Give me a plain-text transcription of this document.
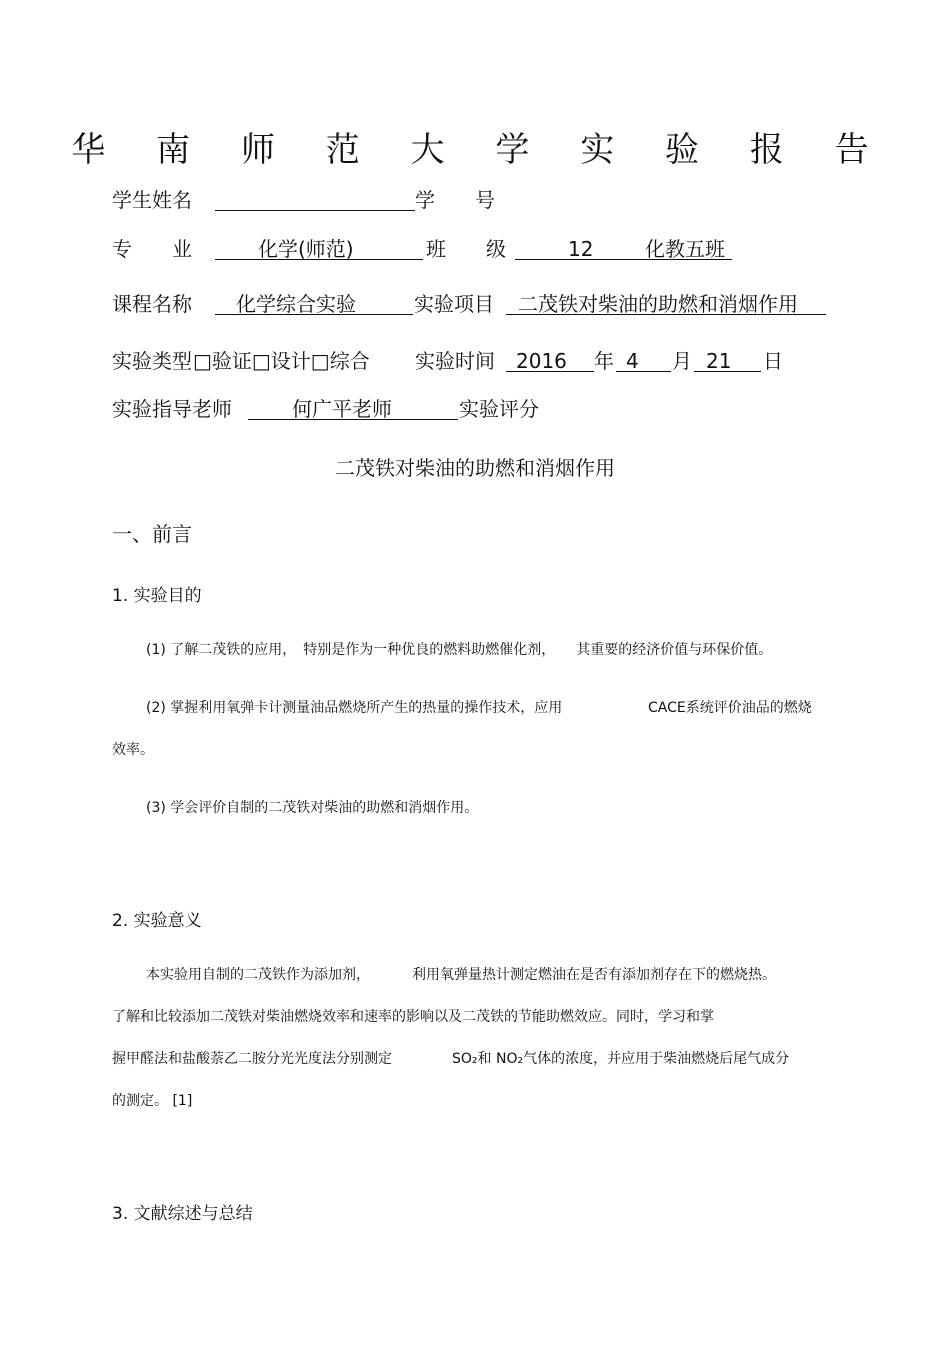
华 南 师 范 大 学 实 验 报 告
学生姓名	学　　号
专　　业	化学(师范)	班　　级	12	化教五班
课程名称 化学综合实验	实验项目 二茂铁对柴油的助燃和消烟作用
实验类型 □验证□设计□综合 实验时间 2016 年 4 月 21 日
实验指导老师	何广平老师	实验评分
二茂铁对柴油的助燃和消烟作用
一、前言
1. 实验目的
(1) 了解二茂铁的应用，　特别是作为一种优良的燃料助燃催化剂，　　其重要的经济价值与环保价值。
(2) 掌握利用氧弹卡计测量油品燃烧所产生的热量的操作技术，应用	CACE系统评价油品的燃烧
效率。
(3) 学会评价自制的二茂铁对柴油的助燃和消烟作用。
2. 实验意义
本实验用自制的二茂铁作为添加剂，	利用氧弹量热计测定燃油在是否有添加剂存在下的燃烧热。
了解和比较添加二茂铁对柴油燃烧效率和速率的影响以及二茂铁的节能助燃效应。同时，学习和掌
握甲醛法和盐酸萘乙二胺分光光度法分别测定	SO₂和 NO₂气体的浓度，并应用于柴油燃烧后尾气成分
的测定。 [1]
3. 文献综述与总结
